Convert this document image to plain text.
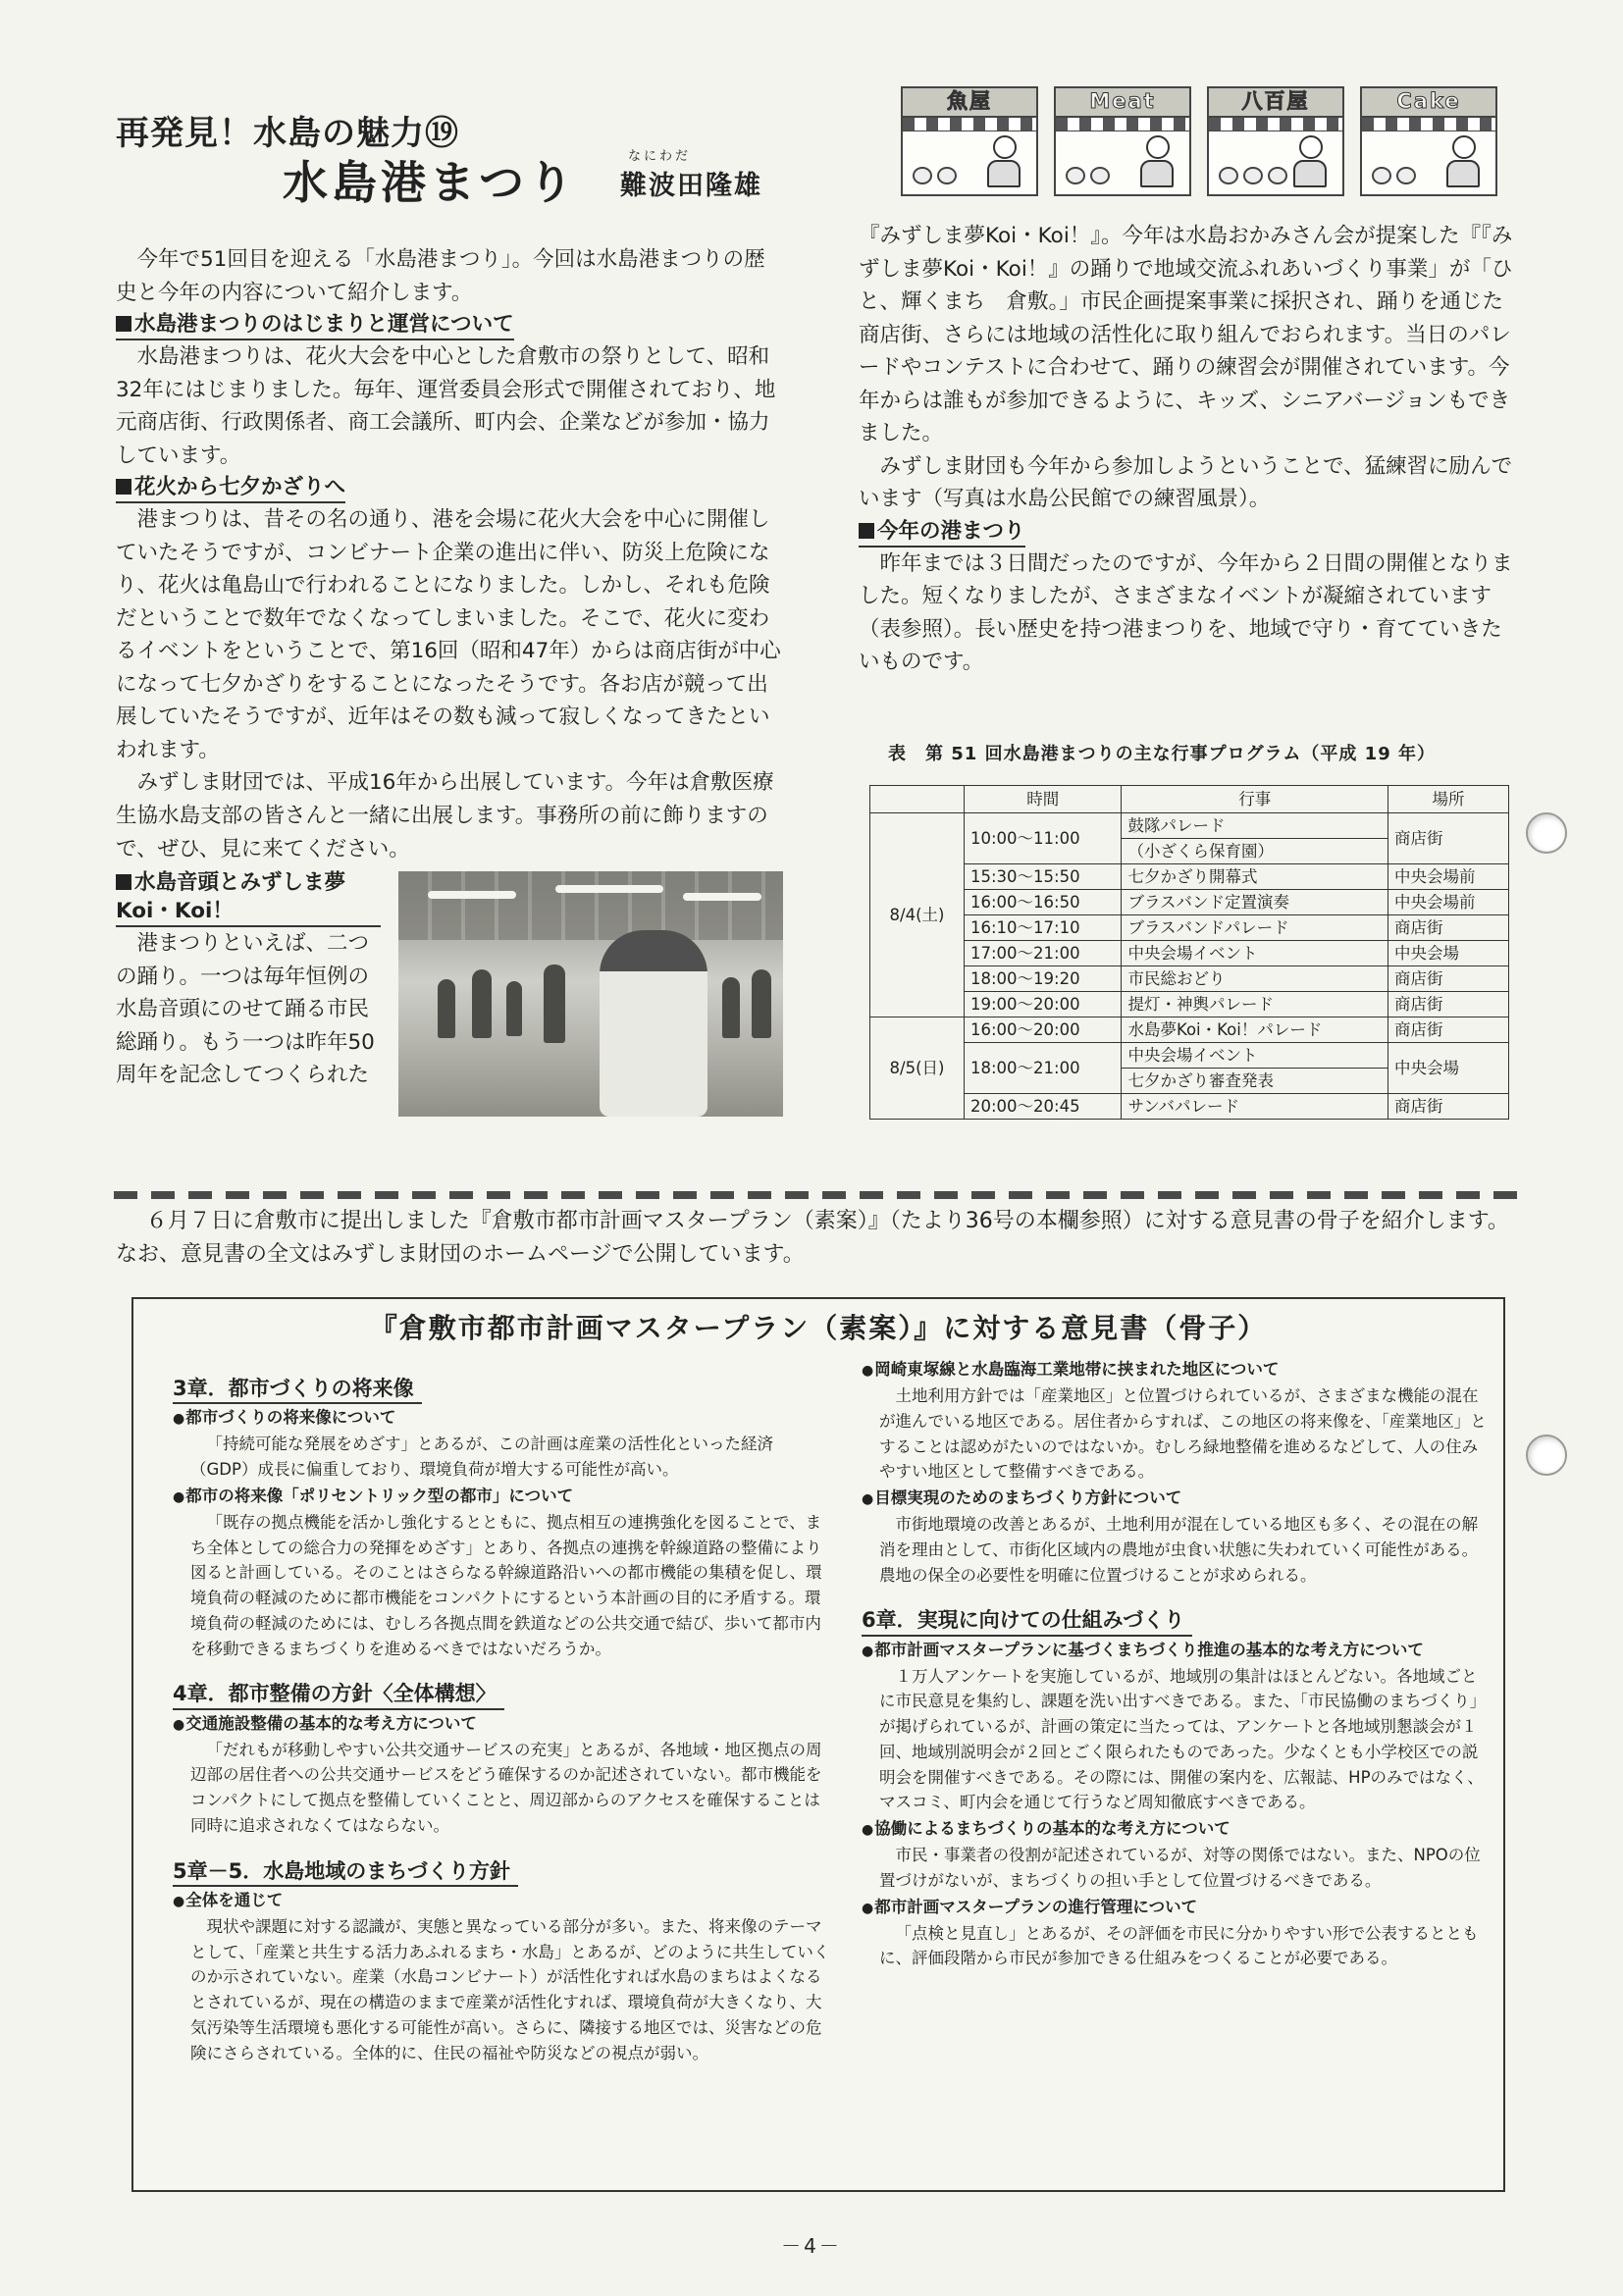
再発見！水島の魅力⑲
水島港まつり	なにわだ
難波田隆雄
魚屋	Meat	八百屋	Cake

今年で51回目を迎える「水島港まつり」。今回は水島港まつりの歴史と今年の内容について紹介します。

水島港まつりのはじまりと運営について

水島港まつりは、花火大会を中心とした倉敷市の祭りとして、昭和32年にはじまりました。毎年、運営委員会形式で開催されており、地元商店街、行政関係者、商工会議所、町内会、企業などが参加・協力しています。

花火から七夕かざりへ

港まつりは、昔その名の通り、港を会場に花火大会を中心に開催していたそうですが、コンビナート企業の進出に伴い、防災上危険になり、花火は亀島山で行われることになりました。しかし、それも危険だということで数年でなくなってしまいました。そこで、花火に変わるイベントをということで、第16回（昭和47年）からは商店街が中心になって七夕かざりをすることになったそうです。各お店が競って出展していたそうですが、近年はその数も減って寂しくなってきたといわれます。

みずしま財団では、平成16年から出展しています。今年は倉敷医療生協水島支部の皆さんと一緒に出展します。事務所の前に飾りますので、ぜひ、見に来てください。

水島音頭とみずしま夢Koi・Koi！

港まつりといえば、二つの踊り。一つは毎年恒例の水島音頭にのせて踊る市民総踊り。もう一つは昨年50周年を記念してつくられた

『みずしま夢Koi・Koi！』。今年は水島おかみさん会が提案した『『みずしま夢Koi・Koi！』の踊りで地域交流ふれあいづくり事業」が「ひと、輝くまち　倉敷。」市民企画提案事業に採択され、踊りを通じた商店街、さらには地域の活性化に取り組んでおられます。当日のパレードやコンテストに合わせて、踊りの練習会が開催されています。今年からは誰もが参加できるように、キッズ、シニアバージョンもできました。

みずしま財団も今年から参加しようということで、猛練習に励んでいます（写真は水島公民館での練習風景）。

今年の港まつり

昨年までは３日間だったのですが、今年から２日間の開催となりました。短くなりましたが、さまざまなイベントが凝縮されています（表参照）。長い歴史を持つ港まつりを、地域で守り・育てていきたいものです。

表　第 51 回水島港まつりの主な行事プログラム（平成 19 年）
	時間	行事	場所
8/4(土)	10:00～11:00	鼓隊パレード	商店街
		（小ざくら保育園）	
	15:30～15:50	七夕かざり開幕式	中央会場前
	16:00～16:50	ブラスバンド定置演奏	中央会場前
	16:10～17:10	ブラスバンドパレード	商店街
	17:00～21:00	中央会場イベント	中央会場
	18:00～19:20	市民総おどり	商店街
	19:00～20:00	提灯・神輿パレード	商店街
8/5(日)	16:00～20:00	水島夢Koi・Koi！パレード	商店街
	18:00～21:00	中央会場イベント	中央会場
		七夕かざり審査発表	
	20:00～20:45	サンバパレード	商店街

６月７日に倉敷市に提出しました『倉敷市都市計画マスタープラン（素案）』（たより36号の本欄参照）に対する意見書の骨子を紹介します。なお、意見書の全文はみずしま財団のホームページで公開しています。

『倉敷市都市計画マスタープラン（素案）』に対する意見書（骨子）
3章．都市づくりの将来像
● 都市づくりの将来像について

「持続可能な発展をめざす」とあるが、この計画は産業の活性化といった経済（GDP）成長に偏重しており、環境負荷が増大する可能性が高い。

● 都市の将来像「ポリセントリック型の都市」について

「既存の拠点機能を活かし強化するとともに、拠点相互の連携強化を図ることで、まち全体としての総合力の発揮をめざす」とあり、各拠点の連携を幹線道路の整備により図ると計画している。そのことはさらなる幹線道路沿いへの都市機能の集積を促し、環境負荷の軽減のために都市機能をコンパクトにするという本計画の目的に矛盾する。環境負荷の軽減のためには、むしろ各拠点間を鉄道などの公共交通で結び、歩いて都市内を移動できるまちづくりを進めるべきではないだろうか。

4章．都市整備の方針〈全体構想〉
● 交通施設整備の基本的な考え方について

「だれもが移動しやすい公共交通サービスの充実」とあるが、各地域・地区拠点の周辺部の居住者への公共交通サービスをどう確保するのか記述されていない。都市機能をコンパクトにして拠点を整備していくことと、周辺部からのアクセスを確保することは同時に追求されなくてはならない。

5章－5．水島地域のまちづくり方針
● 全体を通じて

現状や課題に対する認識が、実態と異なっている部分が多い。また、将来像のテーマとして、「産業と共生する活力あふれるまち・水島」とあるが、どのように共生していくのか示されていない。産業（水島コンビナート）が活性化すれば水島のまちはよくなるとされているが、現在の構造のままで産業が活性化すれば、環境負荷が大きくなり、大気汚染等生活環境も悪化する可能性が高い。さらに、隣接する地区では、災害などの危険にさらされている。全体的に、住民の福祉や防災などの視点が弱い。

● 岡崎東塚線と水島臨海工業地帯に挟まれた地区について

土地利用方針では「産業地区」と位置づけられているが、さまざまな機能の混在が進んでいる地区である。居住者からすれば、この地区の将来像を、「産業地区」とすることは認めがたいのではないか。むしろ緑地整備を進めるなどして、人の住みやすい地区として整備すべきである。

● 目標実現のためのまちづくり方針について

市街地環境の改善とあるが、土地利用が混在している地区も多く、その混在の解消を理由として、市街化区域内の農地が虫食い状態に失われていく可能性がある。農地の保全の必要性を明確に位置づけることが求められる。

6章．実現に向けての仕組みづくり
● 都市計画マスタープランに基づくまちづくり推進の基本的な考え方について

１万人アンケートを実施しているが、地域別の集計はほとんどない。各地域ごとに市民意見を集約し、課題を洗い出すべきである。また、「市民協働のまちづくり」が掲げられているが、計画の策定に当たっては、アンケートと各地域別懇談会が１回、地域別説明会が２回とごく限られたものであった。少なくとも小学校区での説明会を開催すべきである。その際には、開催の案内を、広報誌、HPのみではなく、マスコミ、町内会を通じて行うなど周知徹底すべきである。

● 協働によるまちづくりの基本的な考え方について

市民・事業者の役割が記述されているが、対等の関係ではない。また、NPOの位置づけがないが、まちづくりの担い手として位置づけるべきである。

● 都市計画マスタープランの進行管理について

「点検と見直し」とあるが、その評価を市民に分かりやすい形で公表するとともに、評価段階から市民が参加できる仕組みをつくることが必要である。

－4－
